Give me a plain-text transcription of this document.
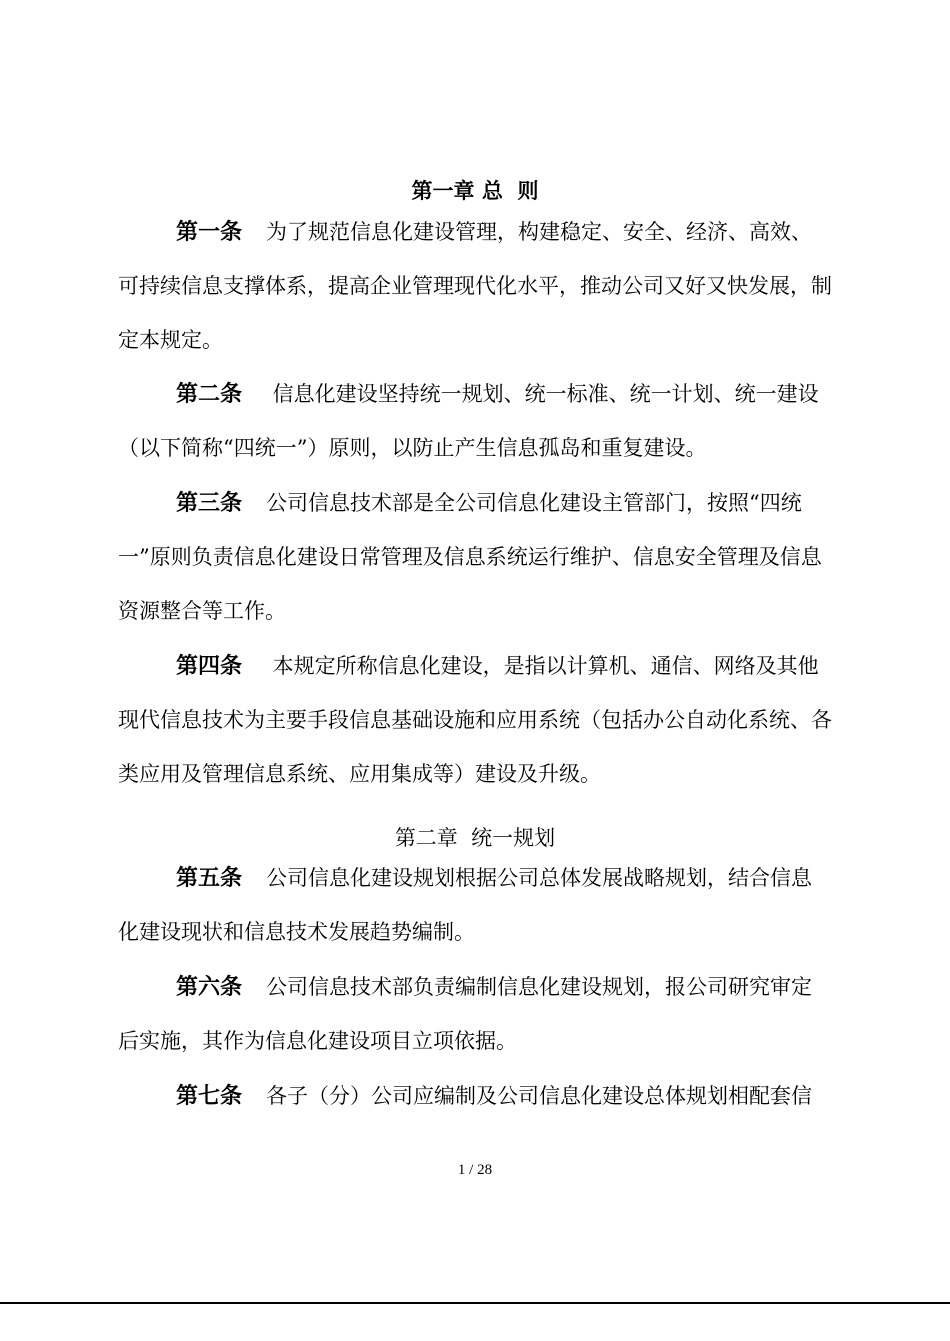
第一章 总  则
第一条 为了规范信息化建设管理，构建稳定、安全、经济、高效、
可持续信息支撑体系，提高企业管理现代化水平，推动公司又好又快发展，制
定本规定。
第二条 信息化建设坚持统一规划、统一标准、统一计划、统一建设
（以下简称“四统一”）原则，以防止产生信息孤岛和重复建设。
第三条 公司信息技术部是全公司信息化建设主管部门，按照“四统
一”原则负责信息化建设日常管理及信息系统运行维护、信息安全管理及信息
资源整合等工作。
第四条 本规定所称信息化建设，是指以计算机、通信、网络及其他
现代信息技术为主要手段信息基础设施和应用系统（包括办公自动化系统、各
类应用及管理信息系统、应用集成等）建设及升级。
第二章  统一规划
第五条 公司信息化建设规划根据公司总体发展战略规划，结合信息
化建设现状和信息技术发展趋势编制。
第六条 公司信息技术部负责编制信息化建设规划，报公司研究审定
后实施，其作为信息化建设项目立项依据。
第七条 各子（分）公司应编制及公司信息化建设总体规划相配套信
1 / 28
